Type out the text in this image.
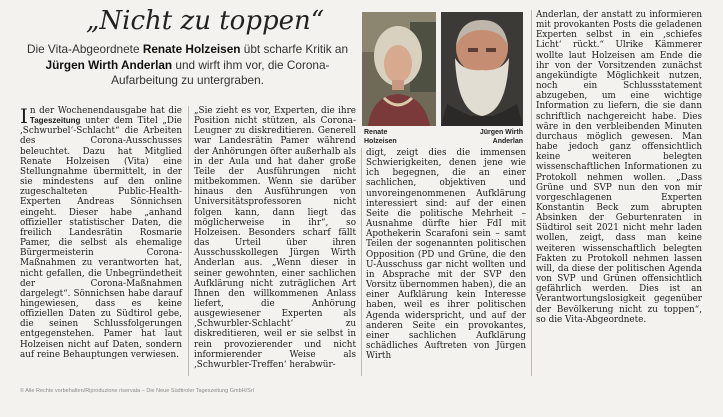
„Nicht zu toppen“
Die Vita-Abgeordnete Renate Holzeisen übt scharfe Kritik an Jürgen Wirth Anderlan und wirft ihm vor, die Corona-Aufarbeitung zu untergraben.
Renate
Holzeisen
Jürgen Wirth
Anderlan

In der Wochenendausgabe hat die Tageszeitung unter dem Titel „Die ‚Schwurbel‘-Schlacht“ die Arbeiten des Corona-Ausschusses beleuchtet. Dazu hat Mitglied Renate Holzeisen (Vita) eine Stellungnahme übermittelt, in der sie mindestens auf den online zugeschalteten Public-Health-Experten Andreas Sönnichsen eingeht. Dieser habe „anhand offizieller statistischer Daten, die freilich Landesrätin Rosmarie Pamer, die selbst als ehemalige Bürgermeisterin Corona-Maßnahmen zu verantworten hat, nicht gefallen, die Unbegründetheit der Corona-Maßnahmen dargelegt“. Sönnichsen habe darauf hingewiesen, dass es keine offiziellen Daten zu Südtirol gebe, die seinen Schlussfolgerungen entgegenstehen. Pamer hat laut Holzeisen nicht auf Daten, sondern auf reine Behauptungen verwiesen.

„Sie zieht es vor, Experten, die ihre Position nicht stützen, als Corona-Leugner zu diskreditieren. Generell war Landesrätin Pamer während der Anhörungen öfter außerhalb als in der Aula und hat daher große Teile der Ausführungen nicht mitbekommen. Wenn sie darüber hinaus den Ausführungen von Universitätsprofessoren nicht folgen kann, dann liegt das möglicherweise in ihr“, so Holzeisen. Besonders scharf fällt das Urteil über ihren Ausschusskollegen Jürgen Wirth Anderlan aus. „Wenn dieser in seiner gewohnten, einer sachlichen Aufklärung nicht zuträglichen Art Ihnen den willkommenen Anlass liefert, die Anhörung ausgewiesener Experten als ‚Schwurbler-Schlacht‘ zu diskreditieren, weil er sie selbst in rein provozierender und nicht informierender Weise als ‚Schwurbler-Treffen‘ herabwür-

digt, zeigt dies die immensen Schwierigkeiten, denen jene wie ich begegnen, die an einer sachlichen, objektiven und unvoreingenommenen Aufklärung interessiert sind: auf der einen Seite die politische Mehrheit – Ausnahme dürfte hier FdI mit Apothekerin Scarafoni sein – samt Teilen der sogenannten politischen Opposition (PD und Grüne, die den U-Ausschuss gar nicht wollten und in Absprache mit der SVP den Vorsitz übernommen haben), die an einer Aufklärung kein Interesse haben, weil es ihrer politischen Agenda widerspricht, und auf der anderen Seite ein provokantes, einer sachlichen Aufklärung schädliches Auftreten von Jürgen Wirth

Anderlan, der anstatt zu informieren mit provokanten Posts die geladenen Experten selbst in ein ‚schiefes Licht‘ rückt.“ Ulrike Kämmerer wollte laut Holzeisen am Ende die ihr von der Vorsitzenden zunächst angekündigte Möglichkeit nutzen, noch ein Schlussstatement abzugeben, um eine wichtige Information zu liefern, die sie dann schriftlich nachgereicht habe. Dies wäre in den verbleibenden Minuten durchaus möglich gewesen. Man habe jedoch ganz offensichtlich keine weiteren belegten wissenschaftlichen Informationen zu Protokoll nehmen wollen. „Dass Grüne und SVP nun den von mir vorgeschlagenen Experten Konstantin Beck zum abrupten Absinken der Geburtenraten in Südtirol seit 2021 nicht mehr laden wollen, zeigt, dass man keine weiteren wissenschaftlich belegten Fakten zu Protokoll nehmen lassen will, da diese der politischen Agenda von SVP und Grünen offensichtlich gefährlich werden. Dies ist an Verantwortungslosigkeit gegenüber der Bevölkerung nicht zu toppen“, so die Vita-Abgeordnete.

© Alle Rechte vorbehalten/Riproduzione riservata – Die Neue Südtiroler Tageszeitung GmbH/Srl
